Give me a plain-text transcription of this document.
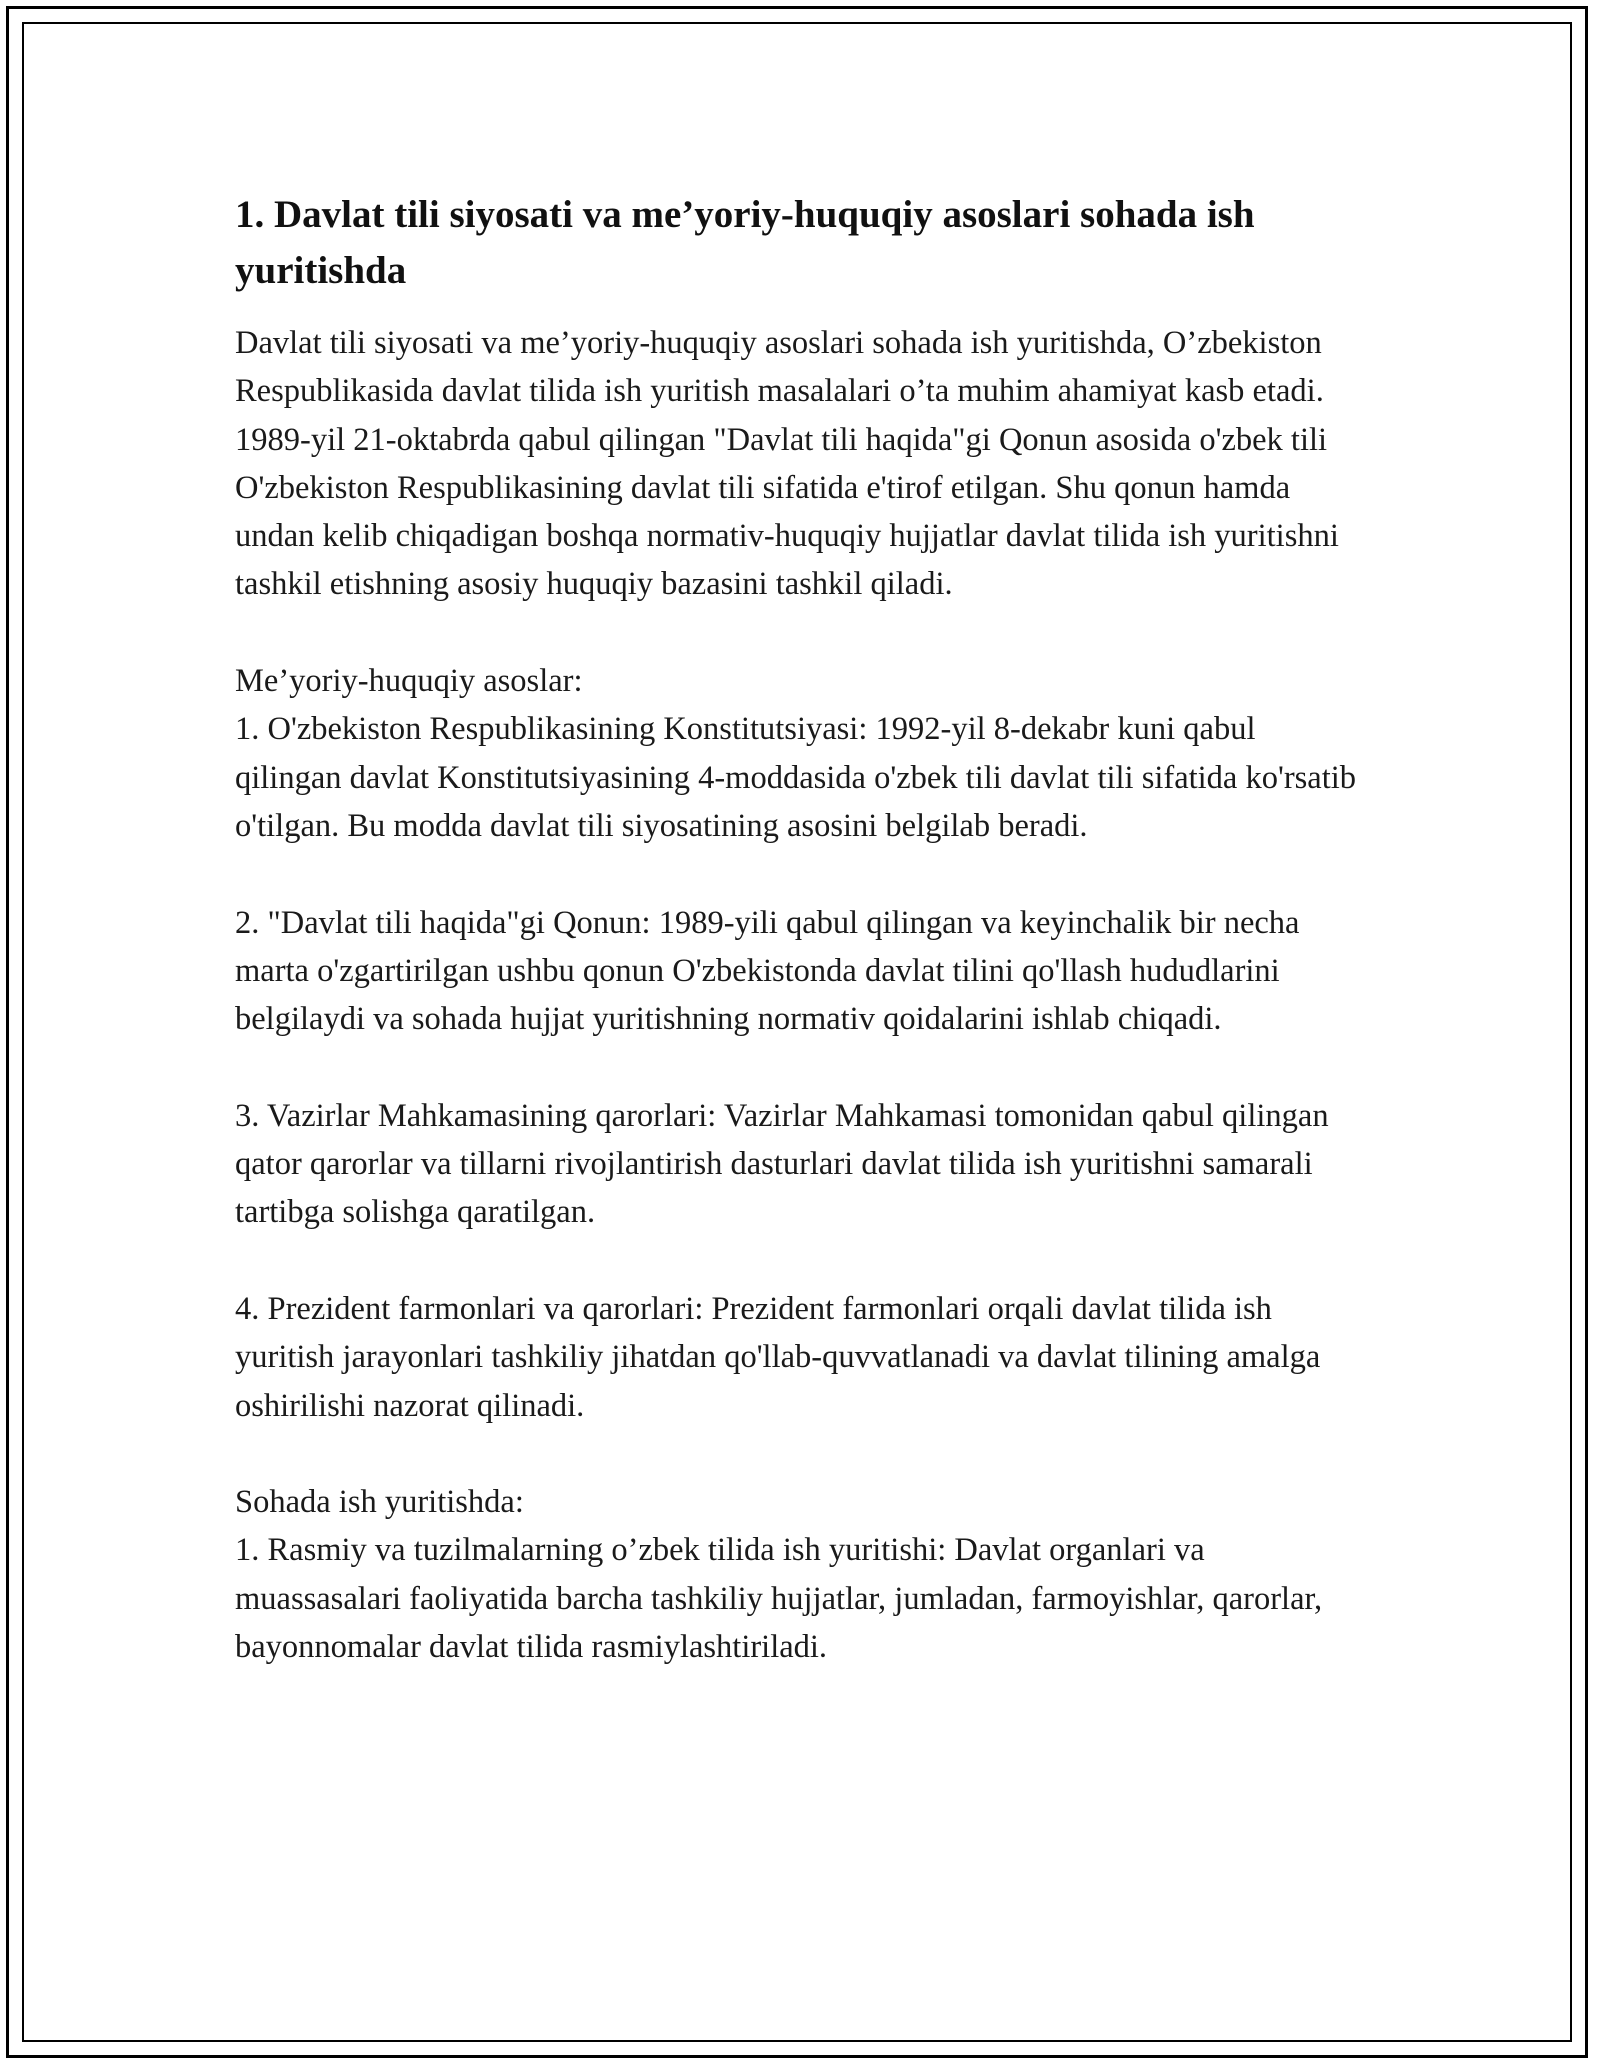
1. Davlat tili siyosati va me’yoriy-huquqiy asoslari sohada ish yuritishda

Davlat tili siyosati va me’yoriy-huquqiy asoslari sohada ish yuritishda, O’zbekiston Respublikasida davlat tilida ish yuritish masalalari o’ta muhim ahamiyat kasb etadi. 1989-yil 21-oktabrda qabul qilingan "Davlat tili haqida"gi Qonun asosida o'zbek tili O'zbekiston Respublikasining davlat tili sifatida e'tirof etilgan. Shu qonun hamda undan kelib chiqadigan boshqa normativ-huquqiy hujjatlar davlat tilida ish yuritishni tashkil etishning asosiy huquqiy bazasini tashkil qiladi.

Me’yoriy-huquqiy asoslar:

1. O'zbekiston Respublikasining Konstitutsiyasi: 1992-yil 8-dekabr kuni qabul qilingan davlat Konstitutsiyasining 4-moddasida o'zbek tili davlat tili sifatida ko'rsatib o'tilgan. Bu modda davlat tili siyosatining asosini belgilab beradi.

2. "Davlat tili haqida"gi Qonun: 1989-yili qabul qilingan va keyinchalik bir necha marta o'zgartirilgan ushbu qonun O'zbekistonda davlat tilini qo'llash hududlarini belgilaydi va sohada hujjat yuritishning normativ qoidalarini ishlab chiqadi.

3. Vazirlar Mahkamasining qarorlari: Vazirlar Mahkamasi tomonidan qabul qilingan qator qarorlar va tillarni rivojlantirish dasturlari davlat tilida ish yuritishni samarali tartibga solishga qaratilgan.

4. Prezident farmonlari va qarorlari: Prezident farmonlari orqali davlat tilida ish yuritish jarayonlari tashkiliy jihatdan qo'llab-quvvatlanadi va davlat tilining amalga oshirilishi nazorat qilinadi.

Sohada ish yuritishda:

1. Rasmiy va tuzilmalarning o’zbek tilida ish yuritishi: Davlat organlari va muassasalari faoliyatida barcha tashkiliy hujjatlar, jumladan, farmoyishlar, qarorlar, bayonnomalar davlat tilida rasmiylashtiriladi.
